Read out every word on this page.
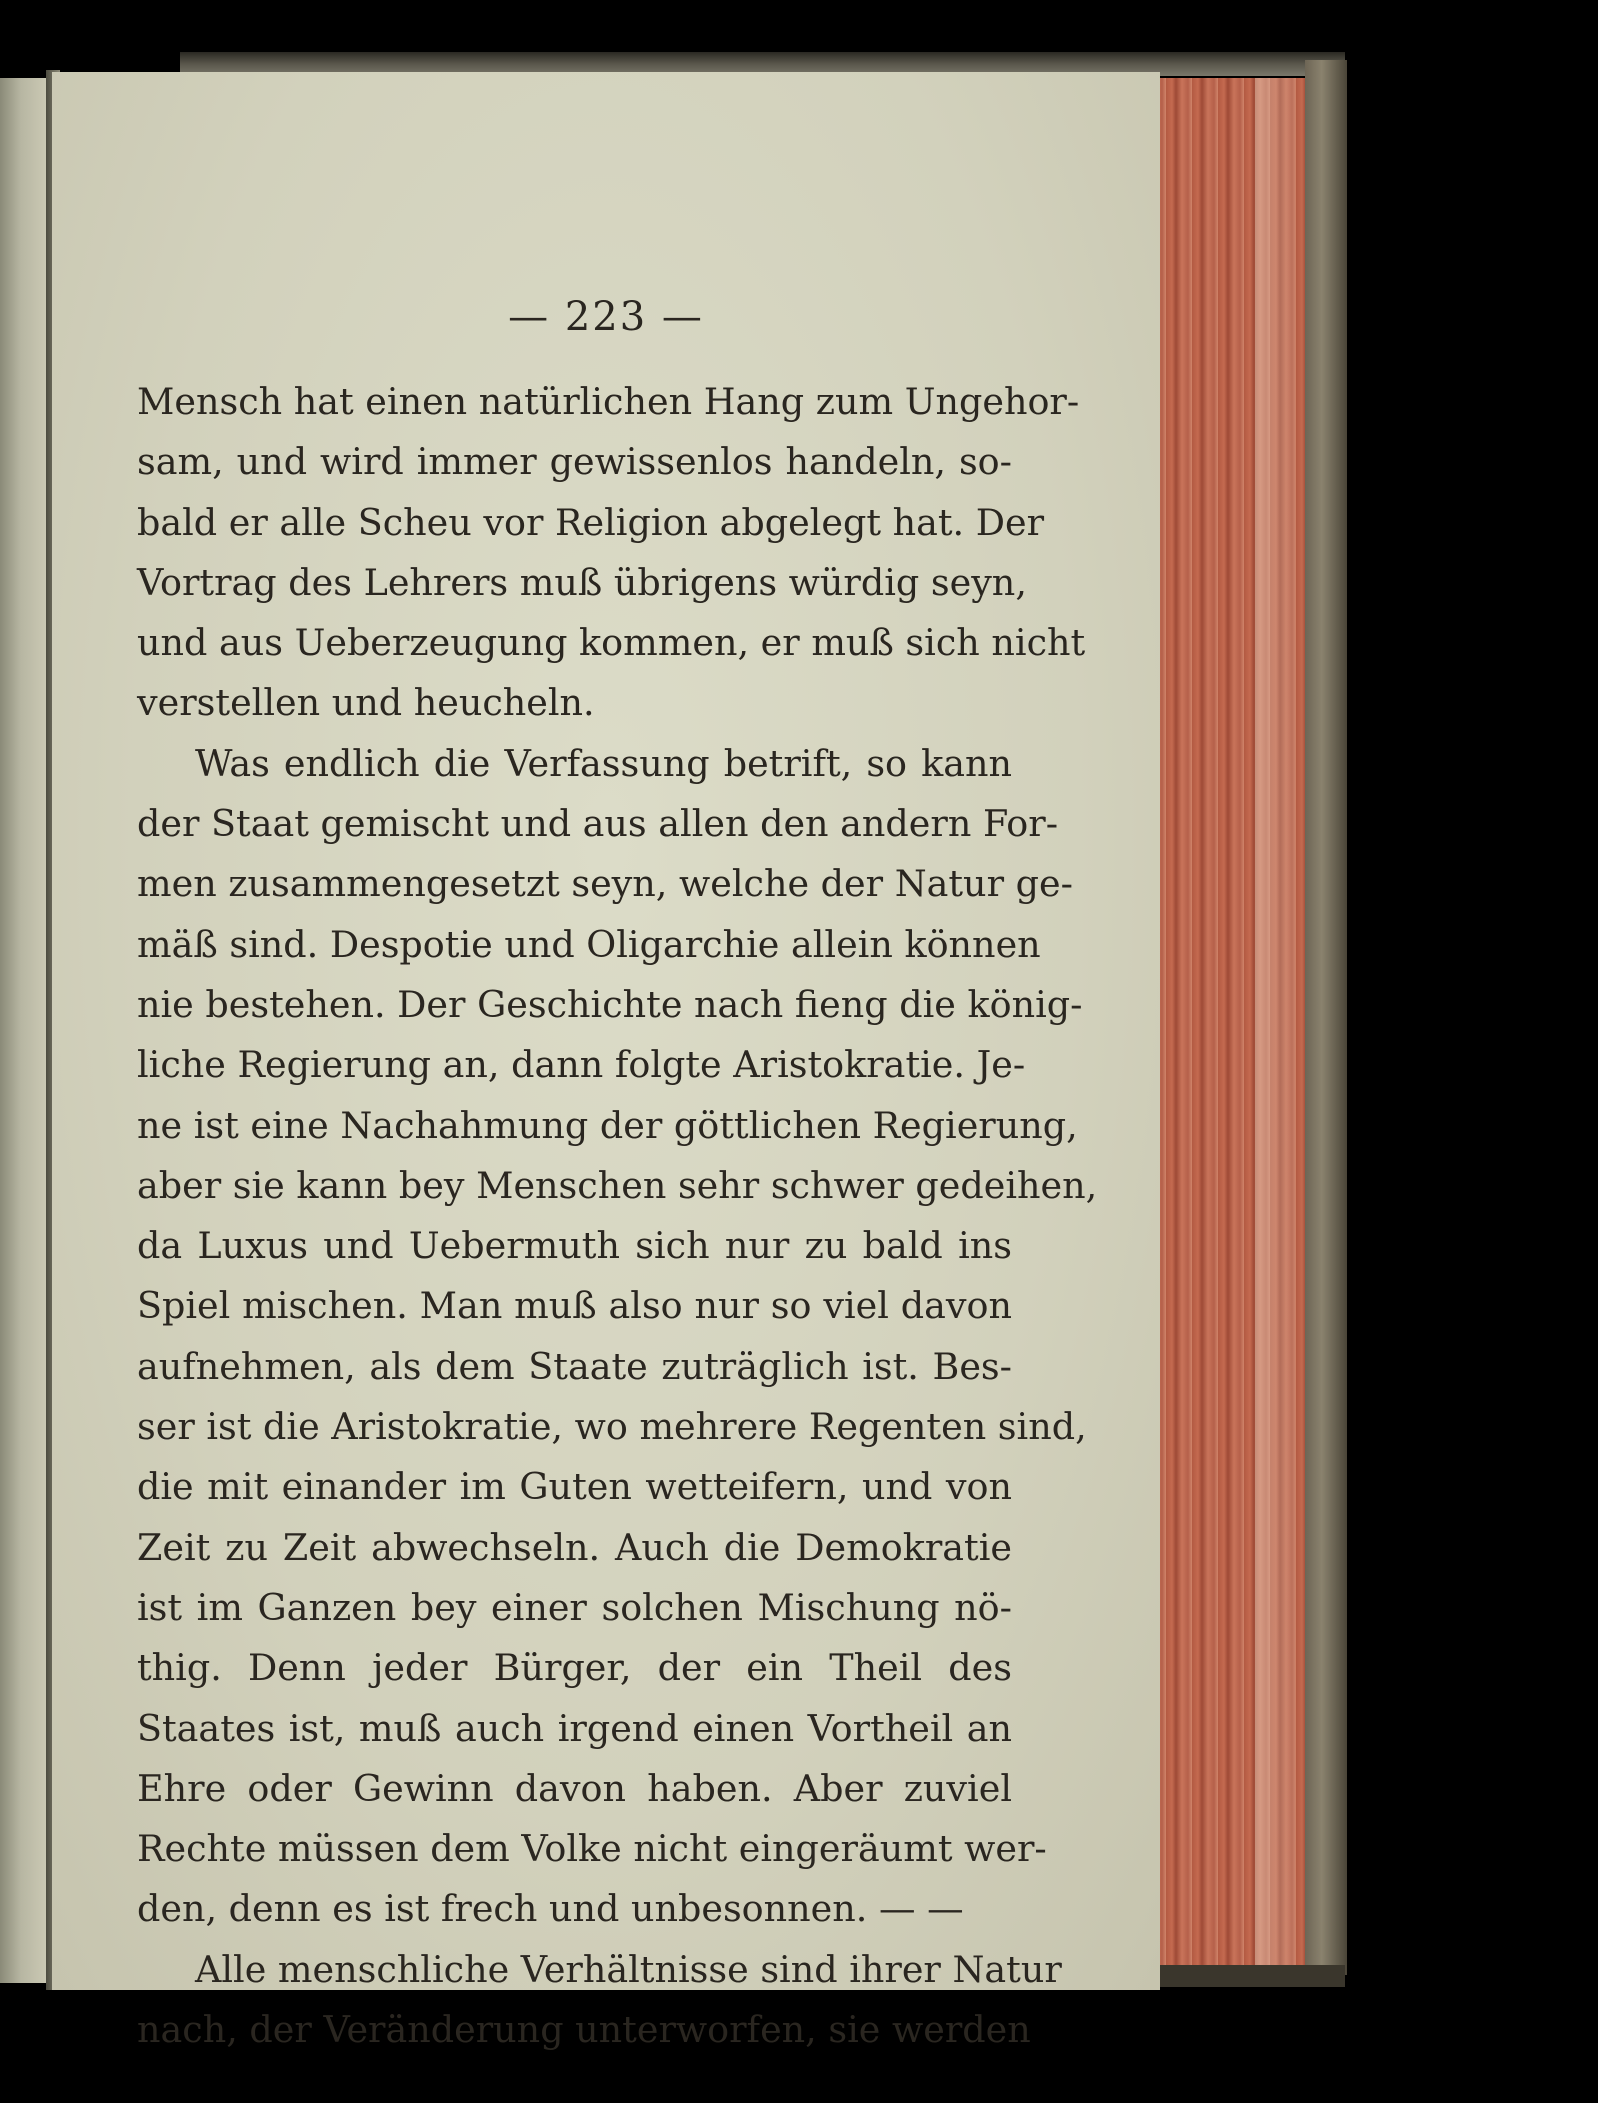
— 223 —
Mensch hat einen natürlichen Hang zum Ungehor-
sam, und wird immer gewissenlos handeln, so-
bald er alle Scheu vor Religion abgelegt hat. Der
Vortrag des Lehrers muß übrigens würdig seyn,
und aus Ueberzeugung kommen, er muß sich nicht
verstellen und heucheln.
Was endlich die Verfassung betrift, so kann
der Staat gemischt und aus allen den andern For-
men zusammengesetzt seyn, welche der Natur ge-
mäß sind. Despotie und Oligarchie allein können
nie bestehen. Der Geschichte nach fieng die könig-
liche Regierung an, dann folgte Aristokratie. Je-
ne ist eine Nachahmung der göttlichen Regierung,
aber sie kann bey Menschen sehr schwer gedeihen,
da Luxus und Uebermuth sich nur zu bald ins
Spiel mischen. Man muß also nur so viel davon
aufnehmen, als dem Staate zuträglich ist. Bes-
ser ist die Aristokratie, wo mehrere Regenten sind,
die mit einander im Guten wetteifern, und von
Zeit zu Zeit abwechseln. Auch die Demokratie
ist im Ganzen bey einer solchen Mischung nö-
thig. Denn jeder Bürger, der ein Theil des
Staates ist, muß auch irgend einen Vortheil an
Ehre oder Gewinn davon haben. Aber zuviel
Rechte müssen dem Volke nicht eingeräumt wer-
den, denn es ist frech und unbesonnen. — —
Alle menschliche Verhältnisse sind ihrer Natur
nach, der Veränderung unterworfen, sie werden
